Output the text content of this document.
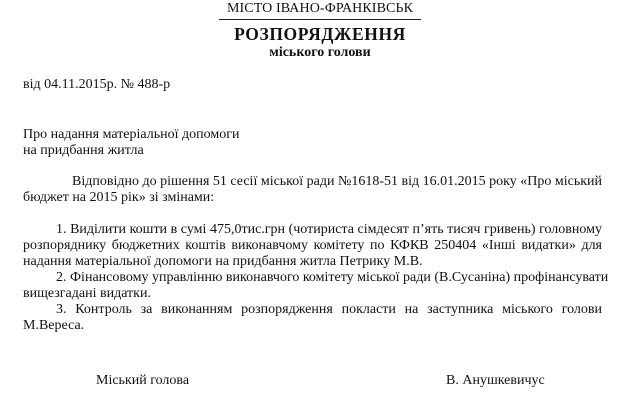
МІСТО ІВАНО-ФРАНКІВСЬК
РОЗПОРЯДЖЕННЯ
міського голови
від 04.11.2015р. № 488-р
Про надання матеріальної допомоги
на придбання житла
Відповідно до рішення 51 сесії міської ради №1618-51 від 16.01.2015 року «Про міський
бюджет на 2015 рік» зі змінами:
1. Виділити кошти в сумі 475,0тис.грн (чотириста сімдесят п’ять тисяч гривень) головному
розпоряднику бюджетних коштів виконавчому комітету по КФКВ 250404 «Інші видатки» для
надання матеріальної допомоги на придбання житла Петрику М.В.
2. Фінансовому управлінню виконавчого комітету міської ради (В.Сусаніна) профінансувати
вищезгадані видатки.
3. Контроль за виконанням розпорядження покласти на заступника міського голови
М.Вереса.
Міський голова	В. Анушкевичус
